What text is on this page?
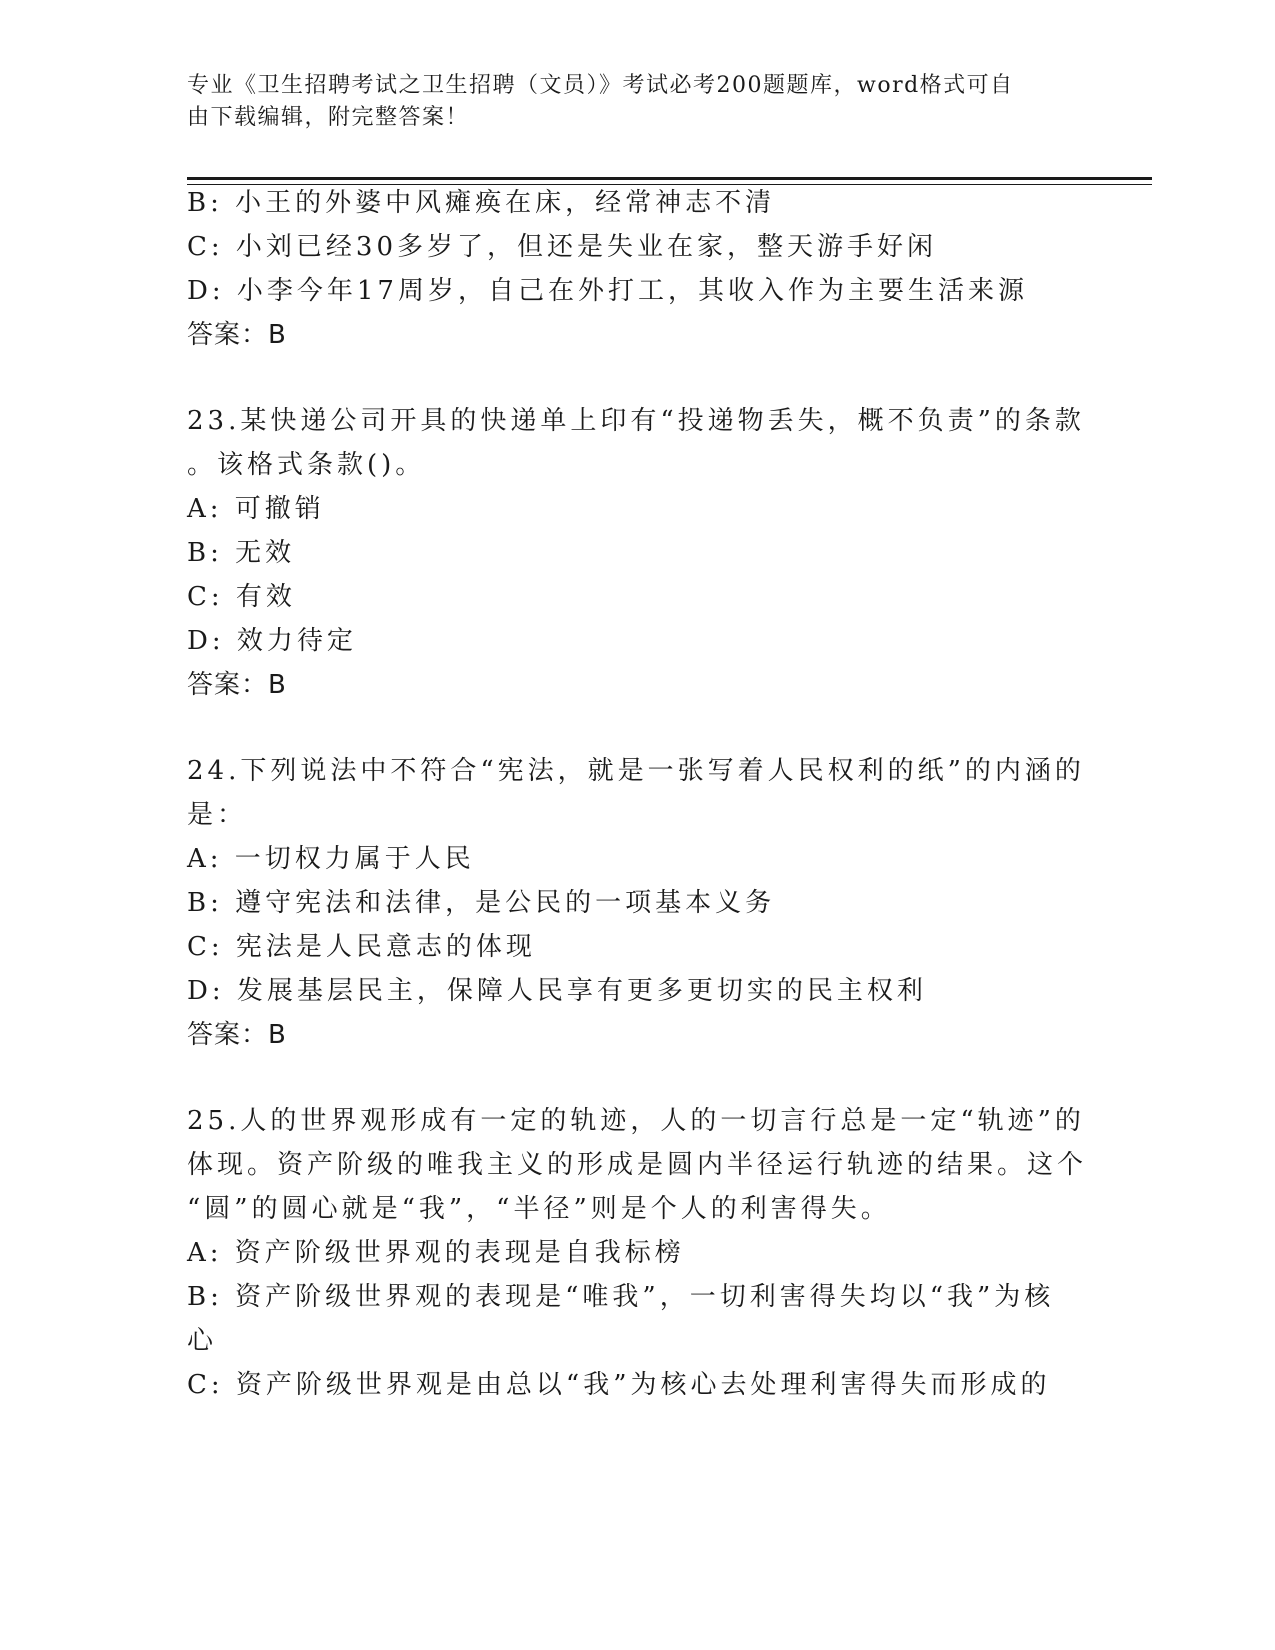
专业《卫生招聘考试之卫生招聘（文员）》考试必考200题题库，word格式可自
由下载编辑，附完整答案！
B: 小王的外婆中风瘫痪在床，经常神志不清
C: 小刘已经30多岁了，但还是失业在家，整天游手好闲
D: 小李今年17周岁，自己在外打工，其收入作为主要生活来源
答案：B
23.某快递公司开具的快递单上印有“投递物丢失，概不负责”的条款
。该格式条款()。
A: 可撤销
B: 无效
C: 有效
D: 效力待定
答案：B
24.下列说法中不符合“宪法，就是一张写着人民权利的纸”的内涵的
是：
A: 一切权力属于人民
B: 遵守宪法和法律，是公民的一项基本义务
C: 宪法是人民意志的体现
D: 发展基层民主，保障人民享有更多更切实的民主权利
答案：B
25.人的世界观形成有一定的轨迹，人的一切言行总是一定“轨迹”的
体现。资产阶级的唯我主义的形成是圆内半径运行轨迹的结果。这个
“圆”的圆心就是“我”，“半径”则是个人的利害得失。
A: 资产阶级世界观的表现是自我标榜
B: 资产阶级世界观的表现是“唯我”，一切利害得失均以“我”为核
心
C: 资产阶级世界观是由总以“我”为核心去处理利害得失而形成的
